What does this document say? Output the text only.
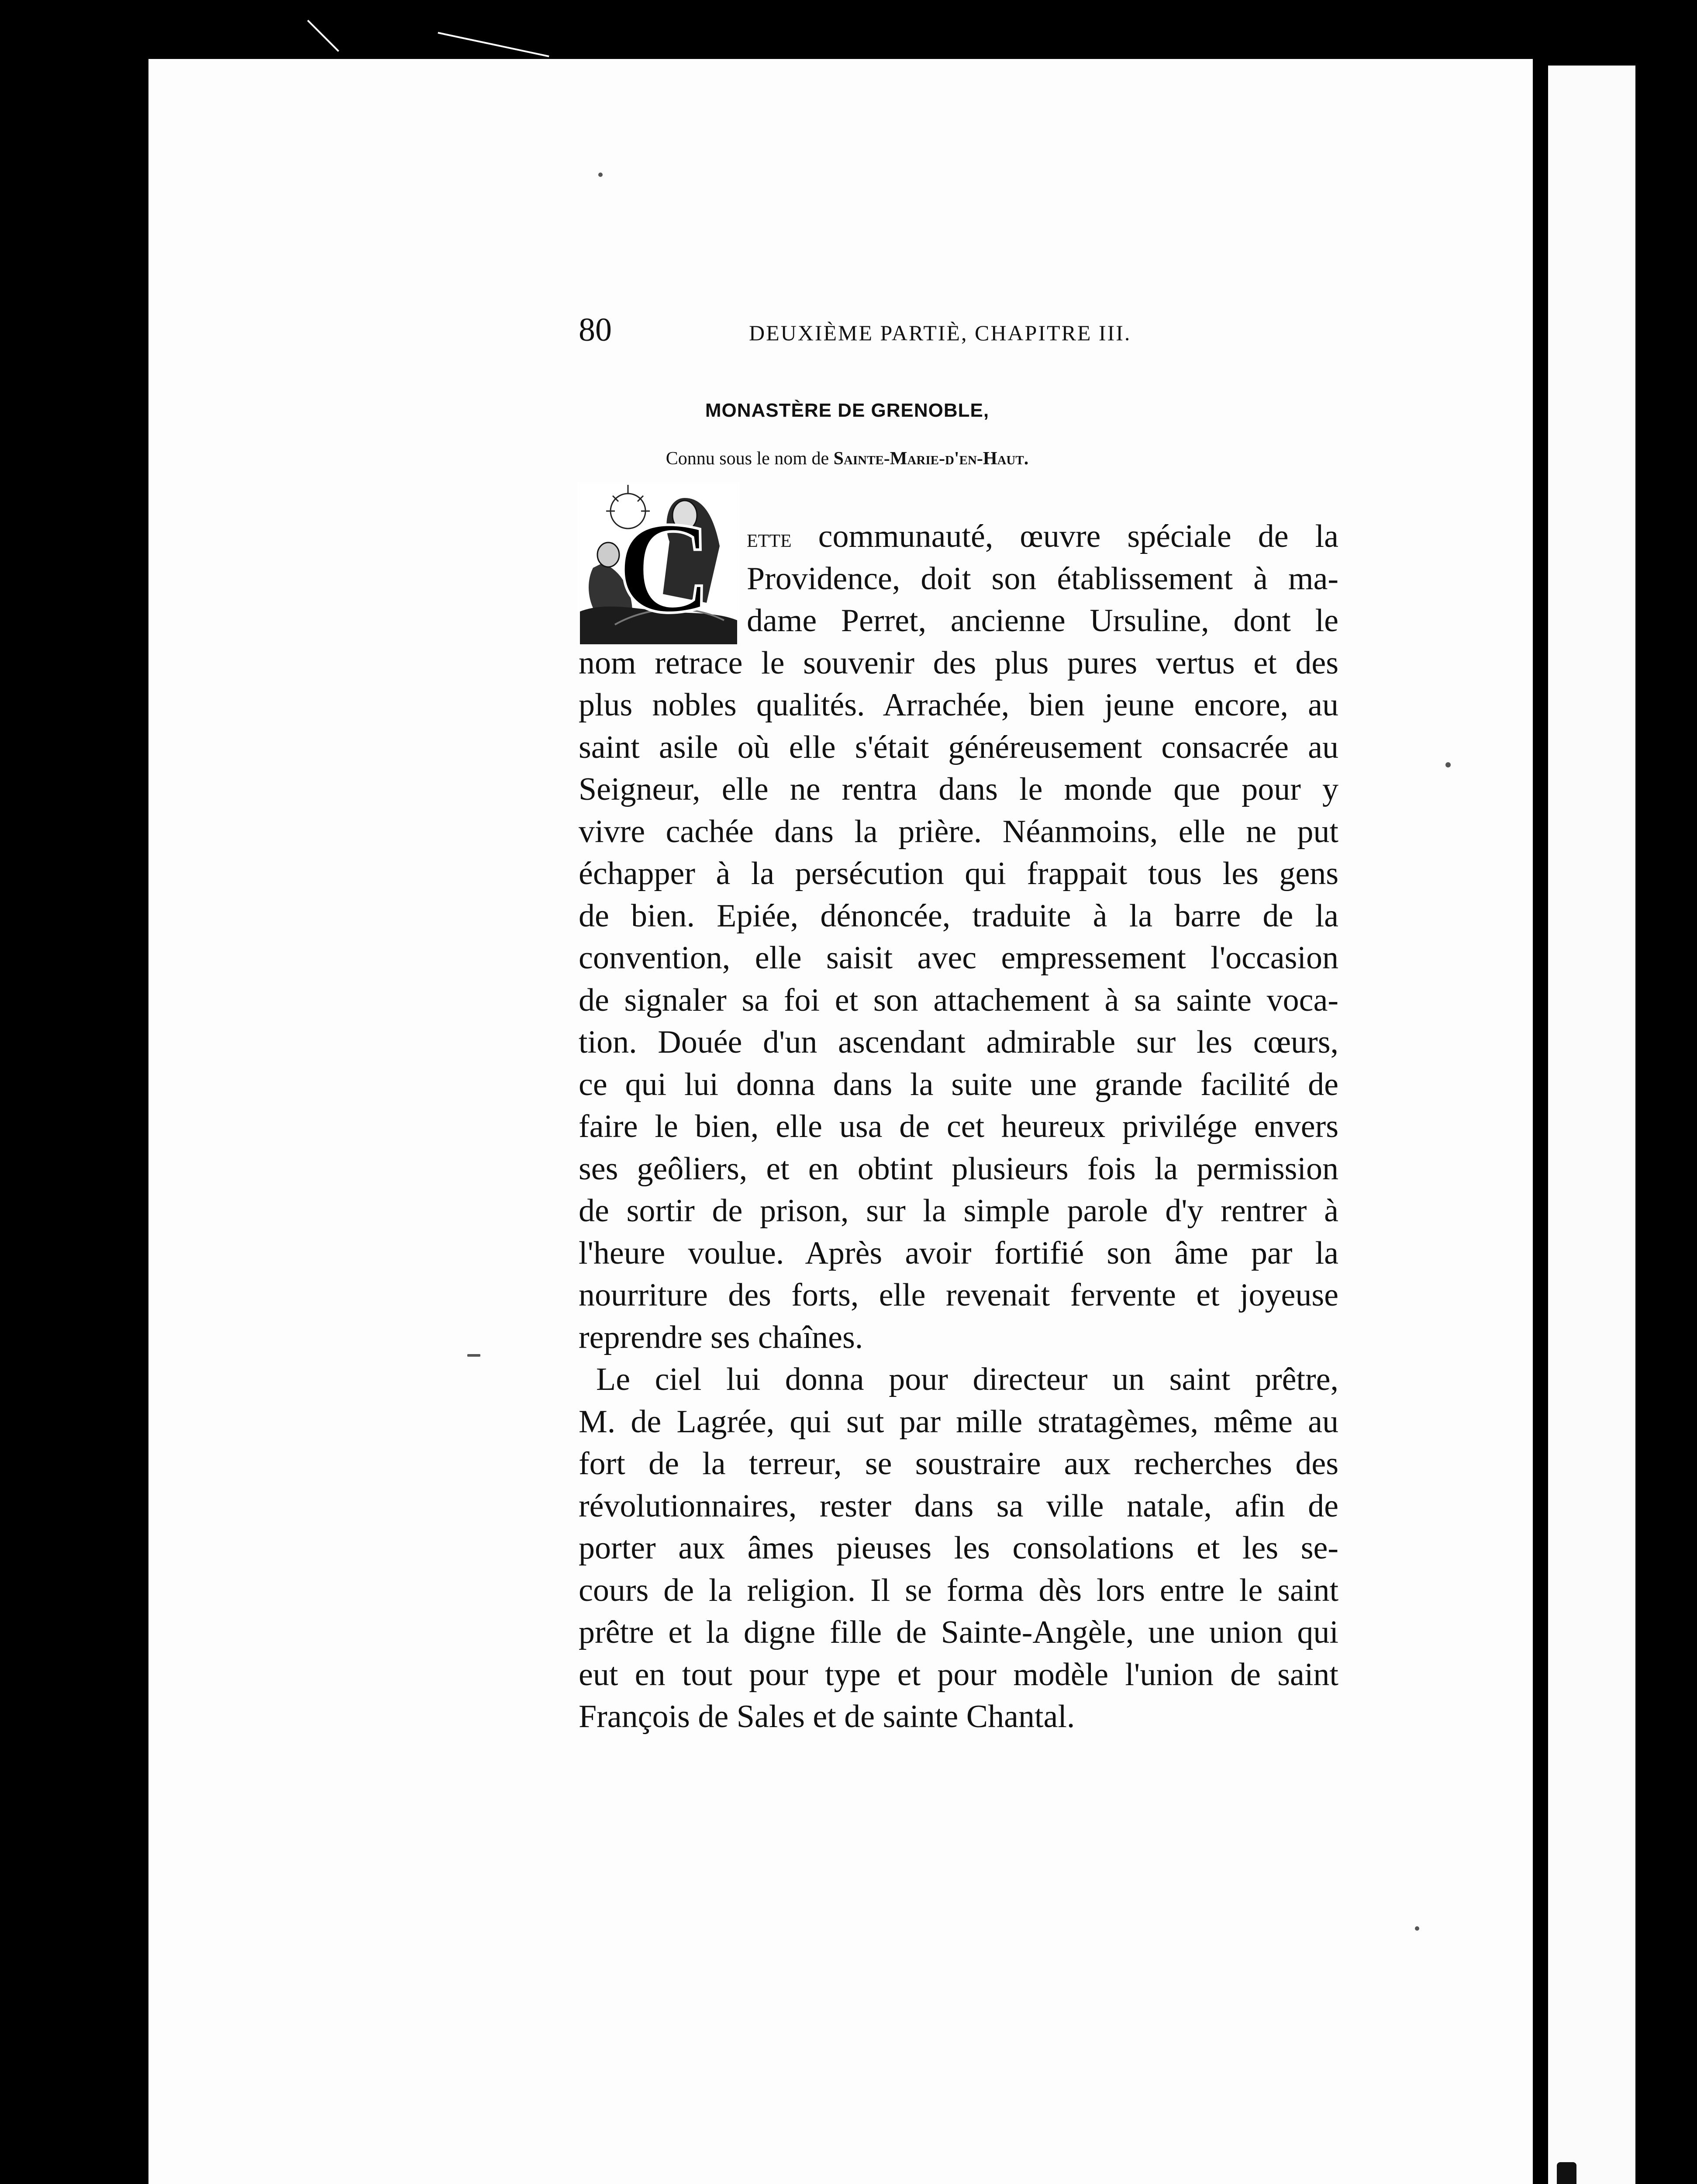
80	DEUXIÈME PARTIÈ, CHAPITRE III.
MONASTÈRE DE GRENOBLE,
Connu sous le nom de Sainte-Marie-d'en-Haut.
C	ette communauté, œuvre spéciale de la
Providence, doit son établissement à ma-
dame Perret, ancienne Ursuline, dont le
nom retrace le souvenir des plus pures vertus et des
plus nobles qualités. Arrachée, bien jeune encore, au
saint asile où elle s'était généreusement consacrée au
Seigneur, elle ne rentra dans le monde que pour y
vivre cachée dans la prière. Néanmoins, elle ne put
échapper à la persécution qui frappait tous les gens
de bien. Epiée, dénoncée, traduite à la barre de la
convention, elle saisit avec empressement l'occasion
de signaler sa foi et son attachement à sa sainte voca-
tion. Douée d'un ascendant admirable sur les cœurs,
ce qui lui donna dans la suite une grande facilité de
faire le bien, elle usa de cet heureux privilége envers
ses geôliers, et en obtint plusieurs fois la permission
de sortir de prison, sur la simple parole d'y rentrer à
l'heure voulue. Après avoir fortifié son âme par la
nourriture des forts, elle revenait fervente et joyeuse
reprendre ses chaînes.
Le ciel lui donna pour directeur un saint prêtre,
M. de Lagrée, qui sut par mille stratagèmes, même au
fort de la terreur, se soustraire aux recherches des
révolutionnaires, rester dans sa ville natale, afin de
porter aux âmes pieuses les consolations et les se-
cours de la religion. Il se forma dès lors entre le saint
prêtre et la digne fille de Sainte-Angèle, une union qui
eut en tout pour type et pour modèle l'union de saint
François de Sales et de sainte Chantal.
